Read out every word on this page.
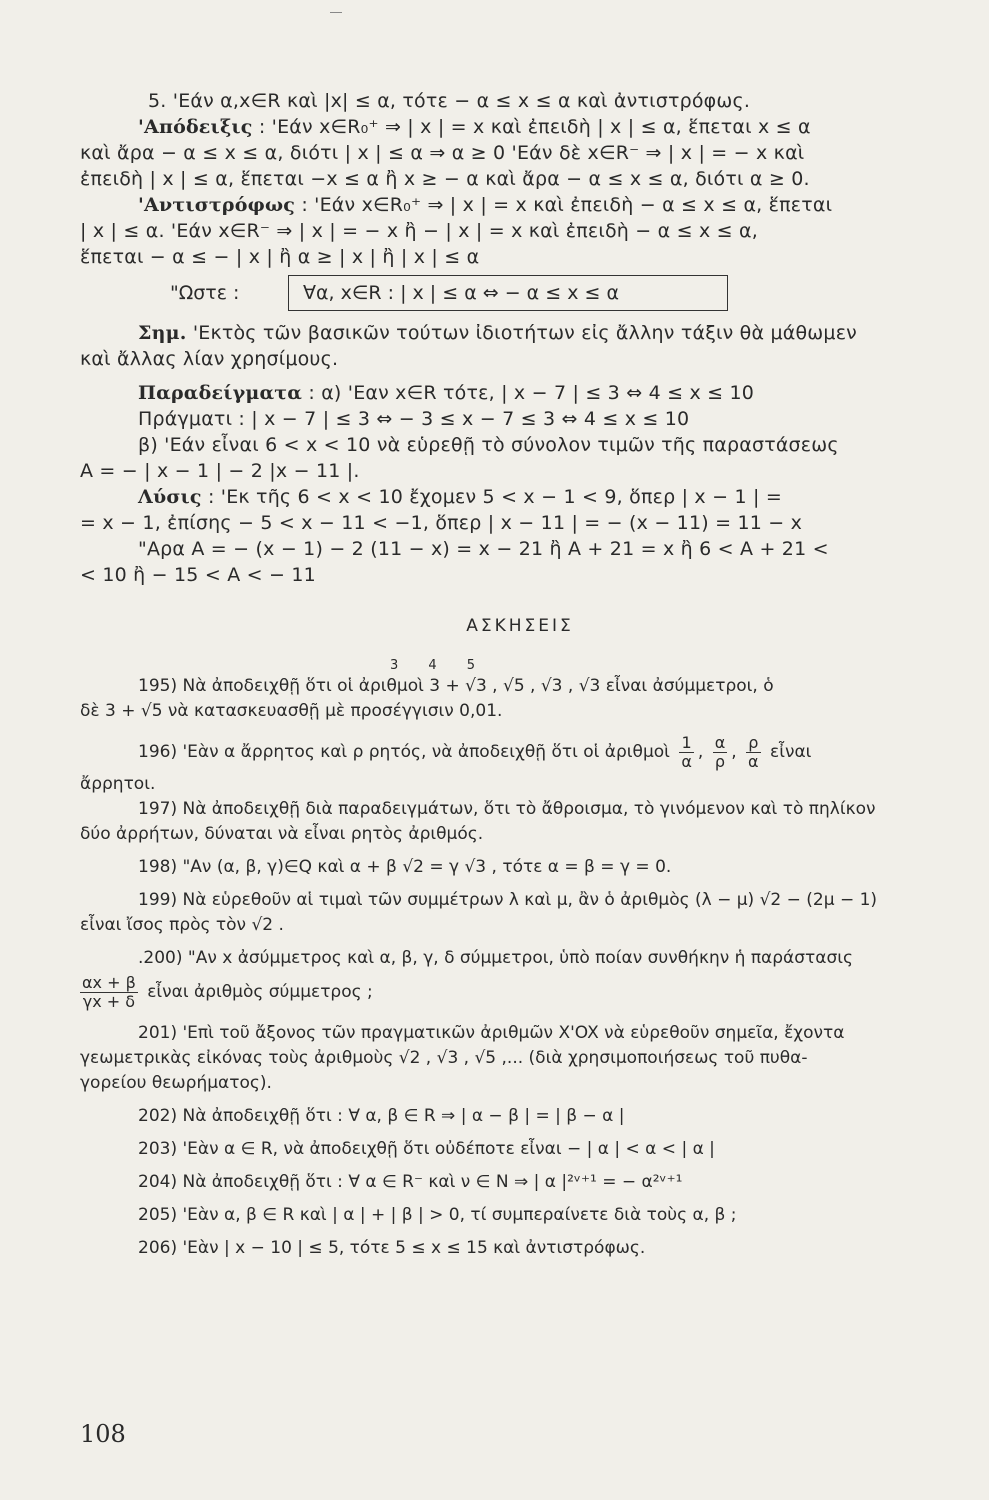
5. 'Εάν α,x∈R καὶ |x| ≤ α, τότε − α ≤ x ≤ α καὶ ἀντιστρόφως.
'Απόδειξις : 'Εάν x∈R₀⁺ ⇒ | x | = x καὶ ἐπειδὴ | x | ≤ α, ἕπεται x ≤ α
καὶ ἄρα − α ≤ x ≤ α, διότι | x | ≤ α ⇒ α ≥ 0 'Εάν δὲ x∈R⁻ ⇒ | x | = − x καὶ
ἐπειδὴ | x | ≤ α, ἕπεται −x ≤ α ἢ x ≥ − α καὶ ἄρα − α ≤ x ≤ α, διότι α ≥ 0.
'Αντιστρόφως : 'Εάν x∈R₀⁺ ⇒ | x | = x καὶ ἐπειδὴ − α ≤ x ≤ α, ἕπεται
| x | ≤ α. 'Εάν x∈R⁻ ⇒ | x | = − x ἢ − | x | = x καὶ ἐπειδὴ − α ≤ x ≤ α,
ἕπεται − α ≤ − | x | ἢ α ≥ | x | ἢ | x | ≤ α
"Ωστε :	∀α, x∈R : | x | ≤ α ⇔ − α ≤ x ≤ α
Σημ. 'Εκτὸς τῶν βασικῶν τούτων ἰδιοτήτων εἰς ἄλλην τάξιν θὰ μάθωμεν
καὶ ἄλλας λίαν χρησίμους.
Παραδείγματα : α) 'Εαν x∈R τότε, | x − 7 | ≤ 3 ⇔ 4 ≤ x ≤ 10
Πράγματι : | x − 7 | ≤ 3 ⇔ − 3 ≤ x − 7 ≤ 3 ⇔ 4 ≤ x ≤ 10
β) 'Εάν εἶναι 6 < x < 10 νὰ εὑρεθῇ τὸ σύνολον τιμῶν τῆς παραστάσεως
A = − | x − 1 | − 2 |x − 11 |.
Λύσις : 'Εκ τῆς 6 < x < 10 ἔχομεν 5 < x − 1 < 9, ὅπερ | x − 1 | =
= x − 1, ἐπίσης − 5 < x − 11 < −1, ὅπερ | x − 11 | = − (x − 11) = 11 − x
"Αρα A = − (x − 1) − 2 (11 − x) = x − 21 ἢ A + 21 = x ἢ 6 < A + 21 <
< 10 ἢ − 15 < A < − 11
ΑΣΚΗΣΕΙΣ
3 4 5
195) Νὰ ἀποδειχθῇ ὅτι οἱ ἀριθμοὶ 3 + √3 , √5 , √3 , √3 εἶναι ἀσύμμετροι, ὁ
δὲ 3 + √5 νὰ κατασκευασθῇ μὲ προσέγγισιν 0,01.
196) 'Εὰν α ἄρρητος καὶ ρ ρητός, νὰ ἀποδειχθῇ ὅτι οἱ ἀριθμοὶ $\frac{1}{\alpha}$ , $\frac{\alpha}{\rho}$ , $\frac{\rho}{\alpha}$ εἶναι
ἄρρητοι.
197) Νὰ ἀποδειχθῇ διὰ παραδειγμάτων, ὅτι τὸ ἄθροισμα, τὸ γινόμενον καὶ τὸ πηλίκον
δύο ἀρρήτων, δύναται νὰ εἶναι ρητὸς ἀριθμός.
198) "Αν (α, β, γ)∈Q καὶ α + β √2 = γ √3 , τότε α = β = γ = 0.
199) Νὰ εὑρεθοῦν αἱ τιμαὶ τῶν συμμέτρων λ καὶ μ, ἂν ὁ ἀριθμὸς (λ − μ) √2 − (2μ − 1)
εἶναι ἴσος πρὸς τὸν √2 .
.200) "Αν x ἀσύμμετρος καὶ α, β, γ, δ σύμμετροι, ὑπὸ ποίαν συνθήκην ἡ παράστασις
$\frac{\alpha x + \beta}{\gamma x + \delta}$ εἶναι ἀριθμὸς σύμμετρος ;
201) 'Επὶ τοῦ ἄξονος τῶν πραγματικῶν ἀριθμῶν X'OX νὰ εὑρεθοῦν σημεῖα, ἔχοντα
γεωμετρικὰς εἰκόνας τοὺς ἀριθμοὺς √2 , √3 , √5 ,... (διὰ χρησιμοποιήσεως τοῦ πυθα-
γορείου θεωρήματος).
202) Νὰ ἀποδειχθῇ ὅτι : ∀ α, β ∈ R ⇒ | α − β | = | β − α |
203) 'Εὰν α ∈ R, νὰ ἀποδειχθῇ ὅτι οὐδέποτε εἶναι − | α | < α < | α |
204) Νὰ ἀποδειχθῇ ὅτι : ∀ α ∈ R⁻ καὶ ν ∈ N ⇒ | α |²ᵛ⁺¹ = − α²ᵛ⁺¹
205) 'Εὰν α, β ∈ R καὶ | α | + | β | > 0, τί συμπεραίνετε διὰ τοὺς α, β ;
206) 'Εὰν | x − 10 | ≤ 5, τότε 5 ≤ x ≤ 15 καὶ ἀντιστρόφως.
108
